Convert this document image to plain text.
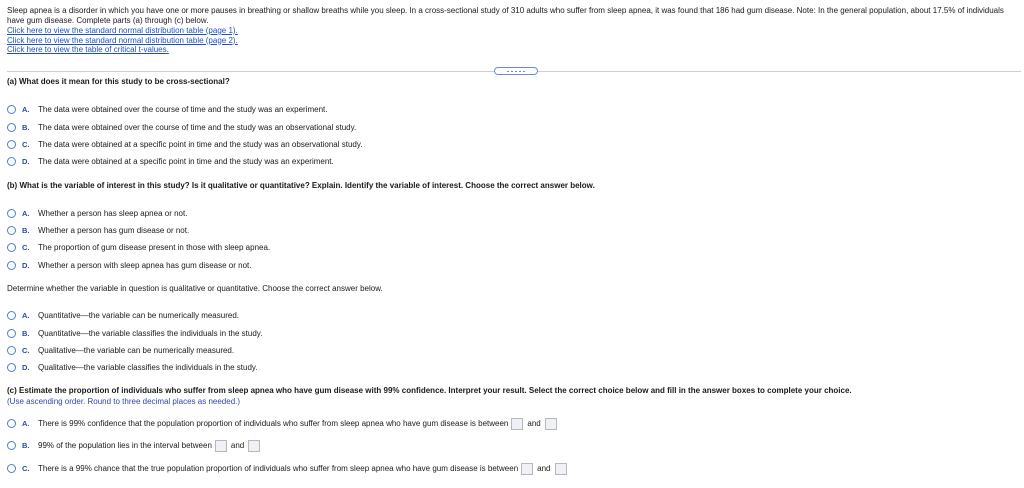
Sleep apnea is a disorder in which you have one or more pauses in breathing or shallow breaths while you sleep. In a cross-sectional study of 310 adults who suffer from sleep apnea, it was found that 186 had gum disease. Note: In the general population, about 17.5% of individuals have gum disease. Complete parts (a) through (c) below.

Click here to view the standard normal distribution table (page 1).
Click here to view the standard normal distribution table (page 2).
Click here to view the table of critical t-values.

(a) What does it mean for this study to be cross-sectional?

A.	The data were obtained over the course of time and the study was an experiment.
B.	The data were obtained over the course of time and the study was an observational study.
C.	The data were obtained at a specific point in time and the study was an observational study.
D.	The data were obtained at a specific point in time and the study was an experiment.

(b) What is the variable of interest in this study? Is it qualitative or quantitative? Explain. Identify the variable of interest. Choose the correct answer below.

A.	Whether a person has sleep apnea or not.
B.	Whether a person has gum disease or not.
C.	The proportion of gum disease present in those with sleep apnea.
D.	Whether a person with sleep apnea has gum disease or not.

Determine whether the variable in question is qualitative or quantitative. Choose the correct answer below.

A.	Quantitative—the variable can be numerically measured.
B.	Quantitative—the variable classifies the individuals in the study.
C.	Qualitative—the variable can be numerically measured.
D.	Qualitative—the variable classifies the individuals in the study.

(c) Estimate the proportion of individuals who suffer from sleep apnea who have gum disease with 99% confidence. Interpret your result. Select the correct choice below and fill in the answer boxes to complete your choice.

(Use ascending order. Round to three decimal places as needed.)

A.	There is 99% confidence that the population proportion of individuals who suffer from sleep apnea who have gum disease is between and
B.	99% of the population lies in the interval between and
C.	There is a 99% chance that the true population proportion of individuals who suffer from sleep apnea who have gum disease is between and
